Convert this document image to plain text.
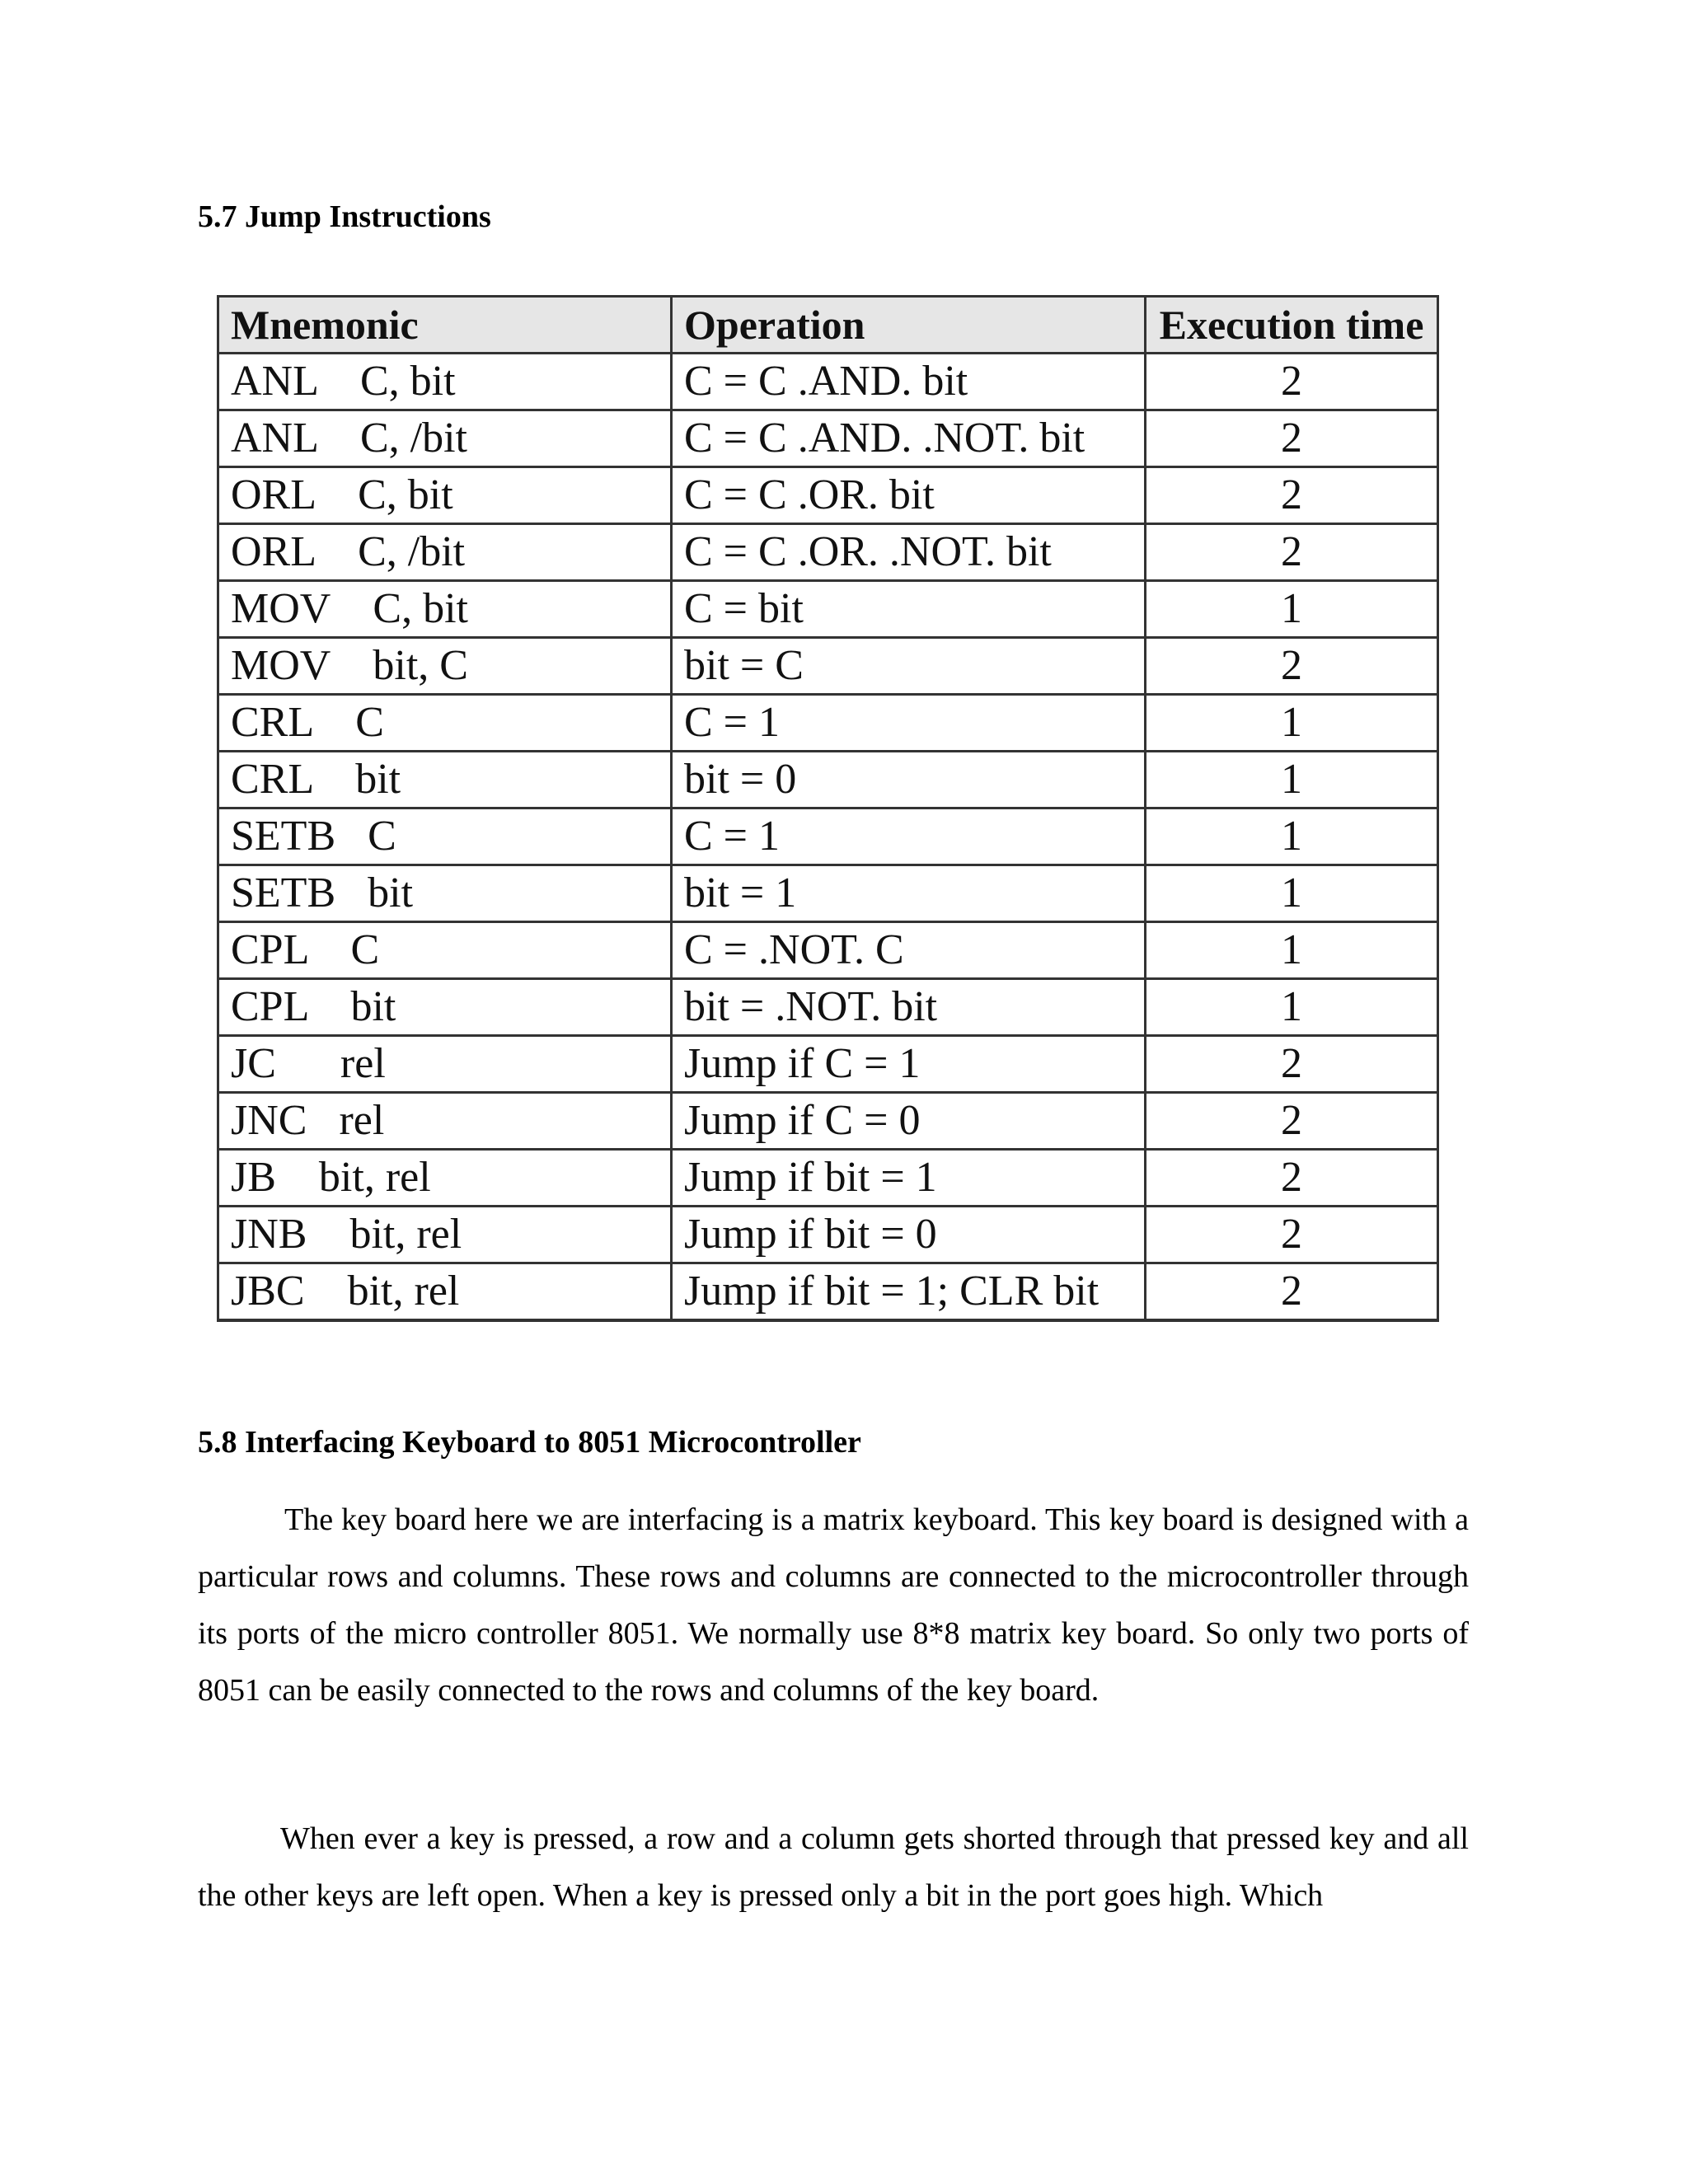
5.7 Jump Instructions
Mnemonic	Operation	Execution time
ANL    C, bit	C = C .AND. bit	2
ANL    C, /bit	C = C .AND. .NOT. bit	2
ORL    C, bit	C = C .OR. bit	2
ORL    C, /bit	C = C .OR. .NOT. bit	2
MOV    C, bit	C = bit	1
MOV    bit, C	bit = C	2
CRL    C	C = 1	1
CRL    bit	bit = 0	1
SETB   C	C = 1	1
SETB   bit	bit = 1	1
CPL    C	C = .NOT. C	1
CPL    bit	bit = .NOT. bit	1
JC      rel	Jump if C = 1	2
JNC   rel	Jump if C = 0	2
JB    bit, rel	Jump if bit = 1	2
JNB    bit, rel	Jump if bit = 0	2
JBC    bit, rel	Jump if bit = 1; CLR bit	2
5.8 Interfacing Keyboard to 8051 Microcontroller

The key board here we are interfacing is a matrix keyboard. This key board is designed with a particular rows and columns. These rows and columns are connected to the microcontroller through its ports of the micro controller 8051. We normally use 8*8 matrix key board. So only two ports of 8051 can be easily connected to the rows and columns of the key board.

When ever a key is pressed, a row and a column gets shorted through that pressed key and all the other keys are left open. When a key is pressed only a bit in the port goes high. Which
